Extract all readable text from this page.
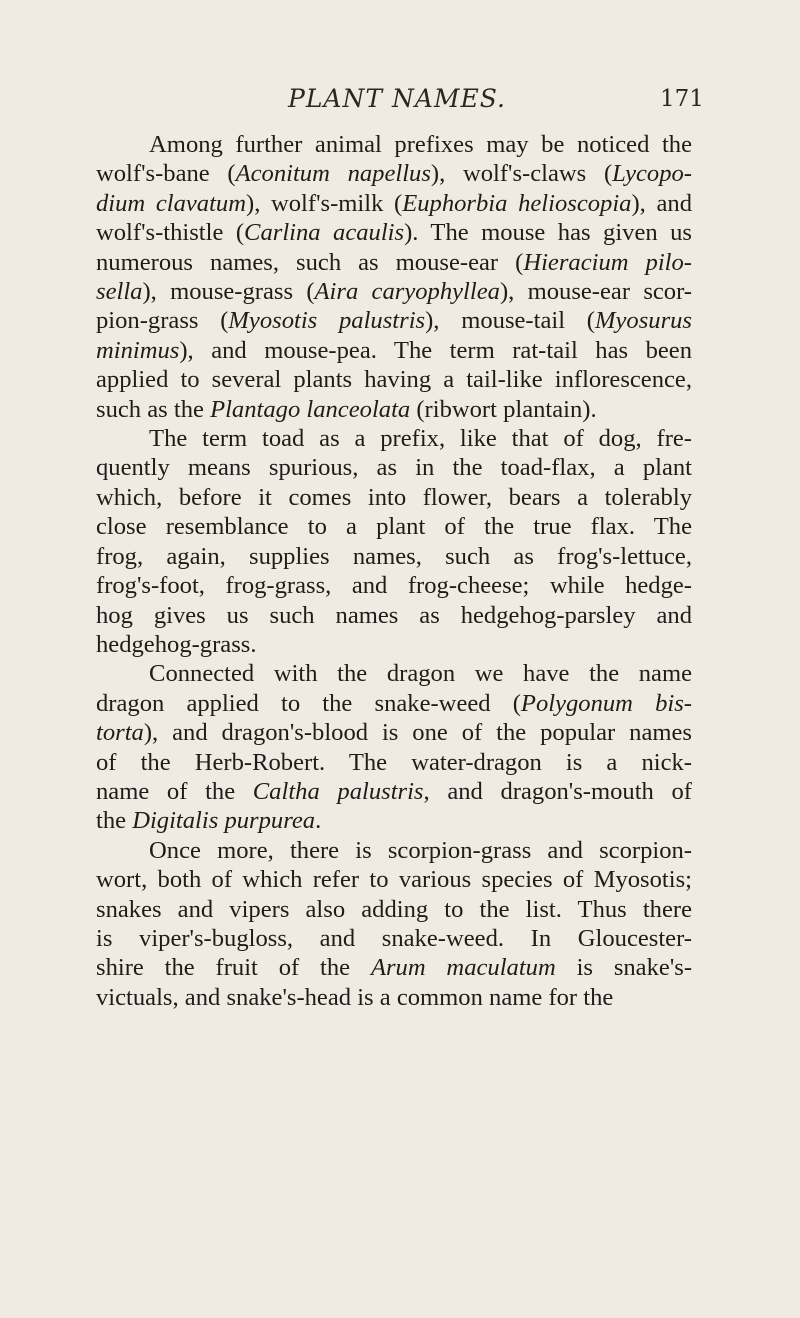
PLANT NAMES.	171
Among further animal prefixes may be noticed the
wolf's-bane (Aconitum napellus), wolf's-claws (Lycopo-
dium clavatum), wolf's-milk (Euphorbia helioscopia), and
wolf's-thistle (Carlina acaulis). The mouse has given us
numerous names, such as mouse-ear (Hieracium pilo-
sella), mouse-grass (Aira caryophyllea), mouse-ear scor-
pion-grass (Myosotis palustris), mouse-tail (Myosurus
minimus), and mouse-pea. The term rat-tail has been
applied to several plants having a tail-like inflorescence,
such as the Plantago lanceolata (ribwort plantain).
The term toad as a prefix, like that of dog, fre-
quently means spurious, as in the toad-flax, a plant
which, before it comes into flower, bears a tolerably
close resemblance to a plant of the true flax. The
frog, again, supplies names, such as frog's-lettuce,
frog's-foot, frog-grass, and frog-cheese; while hedge-
hog gives us such names as hedgehog-parsley and
hedgehog-grass.
Connected with the dragon we have the name
dragon applied to the snake-weed (Polygonum bis-
torta), and dragon's-blood is one of the popular names
of the Herb-Robert. The water-dragon is a nick-
name of the Caltha palustris, and dragon's-mouth of
the Digitalis purpurea.
Once more, there is scorpion-grass and scorpion-
wort, both of which refer to various species of Myosotis;
snakes and vipers also adding to the list. Thus there
is viper's-bugloss, and snake-weed. In Gloucester-
shire the fruit of the Arum maculatum is snake's-
victuals, and snake's-head is a common name for the
